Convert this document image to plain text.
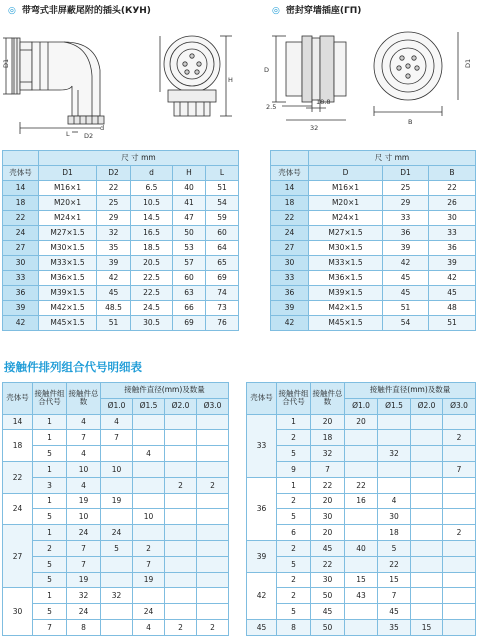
◎ 带弯式非屏蔽尾附的插头(КУН)	◎ 密封穿墙插座(ГП)
D1
D2
H
L
d
D
B
D1
18.8
2.5
32
	尺 寸 mm				
壳体号	D1	D2	d	H	L
14	M16×1	22	6.5	40	51
18	M20×1	25	10.5	41	54
22	M24×1	29	14.5	47	59
24	M27×1.5	32	16.5	50	60
27	M30×1.5	35	18.5	53	64
30	M33×1.5	39	20.5	57	65
33	M36×1.5	42	22.5	60	69
36	M39×1.5	45	22.5	63	74
39	M42×1.5	48.5	24.5	66	73
42	M45×1.5	51	30.5	69	76
	尺 寸 mm		
壳体号	D	D1	B
14	M16×1	25	22
18	M20×1	29	26
22	M24×1	33	30
24	M27×1.5	36	33
27	M30×1.5	39	36
30	M33×1.5	42	39
33	M36×1.5	45	42
36	M39×1.5	45	45
39	M42×1.5	51	48
42	M45×1.5	54	51
接触件排列组合代号明细表
壳体号	接触件组合代号	接触件总数	接触件直径(mm)及数量			
			Ø1.0	Ø1.5	Ø2.0	Ø3.0
14	1	4	4			
18	1	7	7			
	5	4		4		
22	1	10	10			
	3	4			2	2
24	1	19	19			
	5	10		10		
27	1	24	24			
	2	7	5	2		
	5	7		7		
	5	19		19		
30	1	32	32			
	5	24		24		
	7	8		4	2	2
壳体号	接触件组合代号	接触件总数	接触件直径(mm)及数量			
			Ø1.0	Ø1.5	Ø2.0	Ø3.0
33	1	20	20			
	2	18				2
	5	32		32		
	9	7				7
36	1	22	22			
	2	20	16	4		
	5	30		30		
	6	20		18		2
39	2	45	40	5		
	5	22		22		
42	2	30	15	15		
	2	50	43	7		
	5	45		45		
45	8	50		35	15	
